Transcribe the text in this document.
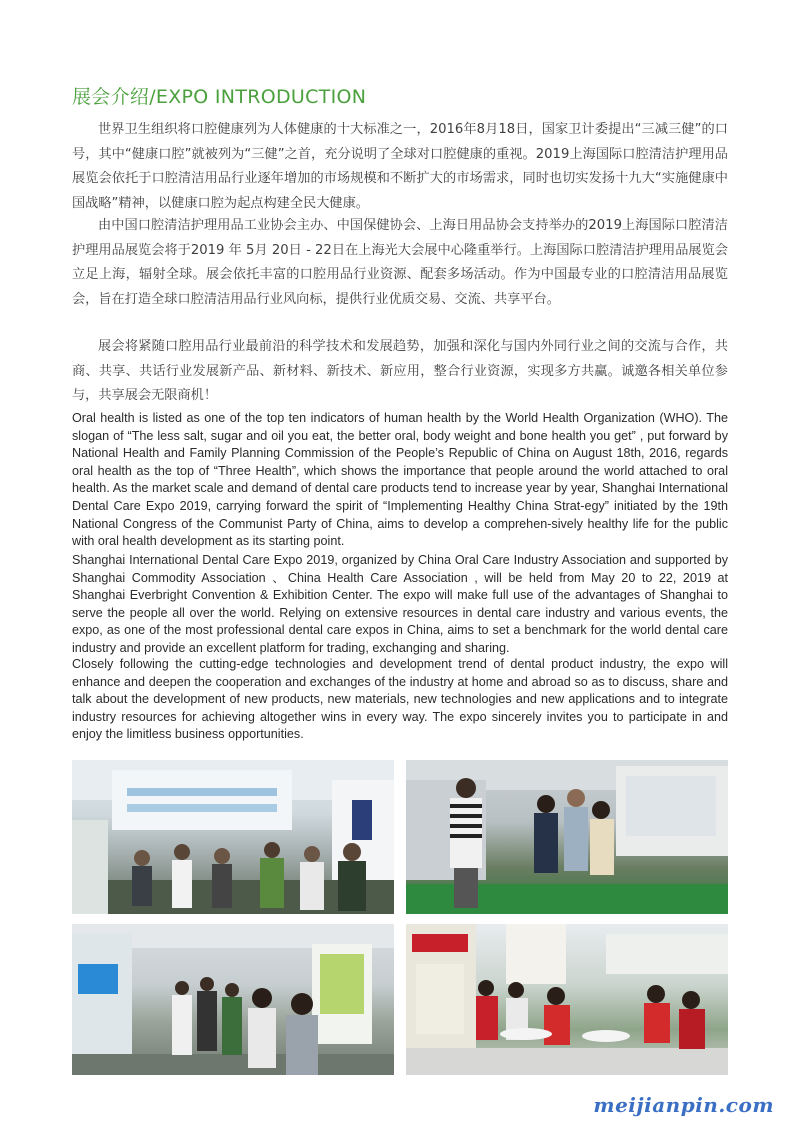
展会介绍/EXPO INTRODUCTION

世界卫生组织将口腔健康列为人体健康的十大标准之一，2016年8月18日，国家卫计委提出“三减三健”的口号，其中“健康口腔”就被列为“三健”之首，充分说明了全球对口腔健康的重视。2019上海国际口腔清洁护理用品展览会依托于口腔清洁用品行业逐年增加的市场规模和不断扩大的市场需求，同时也切实发扬十九大“实施健康中国战略”精神，以健康口腔为起点构建全民大健康。

由中国口腔清洁护理用品工业协会主办、中国保健协会、上海日用品协会支持举办的2019上海国际口腔清洁护理用品展览会将于2019 年 5月 20日 - 22日在上海光大会展中心隆重举行。上海国际口腔清洁护理用品展览会立足上海，辐射全球。展会依托丰富的口腔用品行业资源、配套多场活动。作为中国最专业的口腔清洁用品展览会，旨在打造全球口腔清洁用品行业风向标，提供行业优质交易、交流、共享平台。

展会将紧随口腔用品行业最前沿的科学技术和发展趋势，加强和深化与国内外同行业之间的交流与合作，共商、共享、共话行业发展新产品、新材料、新技术、新应用，整合行业资源，实现多方共赢。诚邀各相关单位参与，共享展会无限商机！

Oral health is listed as one of the top ten indicators of human health by the World Health Organization (WHO). The slogan of “The less salt, sugar and oil you eat, the better oral, body weight and bone health you get” , put forward by National Health and Family Planning Commission of the People’s Republic of China on August 18th, 2016, regards oral health as the top of “Three Health”, which shows the importance that people around the world attached to oral health. As the market scale and demand of dental care products tend to increase year by year, Shanghai International Dental Care Expo 2019, carrying forward the spirit of “Implementing Healthy China Strat-egy” initiated by the 19th National Congress of the Communist Party of China, aims to develop a comprehen-sively healthy life for the public with oral health development as its starting point.

Shanghai International Dental Care Expo 2019, organized by China Oral Care Industry Association and supported by Shanghai Commodity Association 、China Health Care Association , will be held from May 20 to 22, 2019 at Shanghai Everbright Convention & Exhibition Center. The expo will make full use of the advantages of Shanghai to serve the people all over the world. Relying on extensive resources in dental care industry and various events, the expo, as one of the most professional dental care expos in China, aims to set a benchmark for the world dental care industry and provide an excellent platform for trading, exchanging and sharing.

Closely following the cutting-edge technologies and development trend of dental product industry, the expo will enhance and deepen the cooperation and exchanges of the industry at home and abroad so as to discuss, share and talk about the development of new products, new materials, new technologies and new applications and to integrate industry resources for achieving altogether wins in every way. The expo sincerely invites you to participate in and enjoy the limitless business opportunities.

meijianpin.com
